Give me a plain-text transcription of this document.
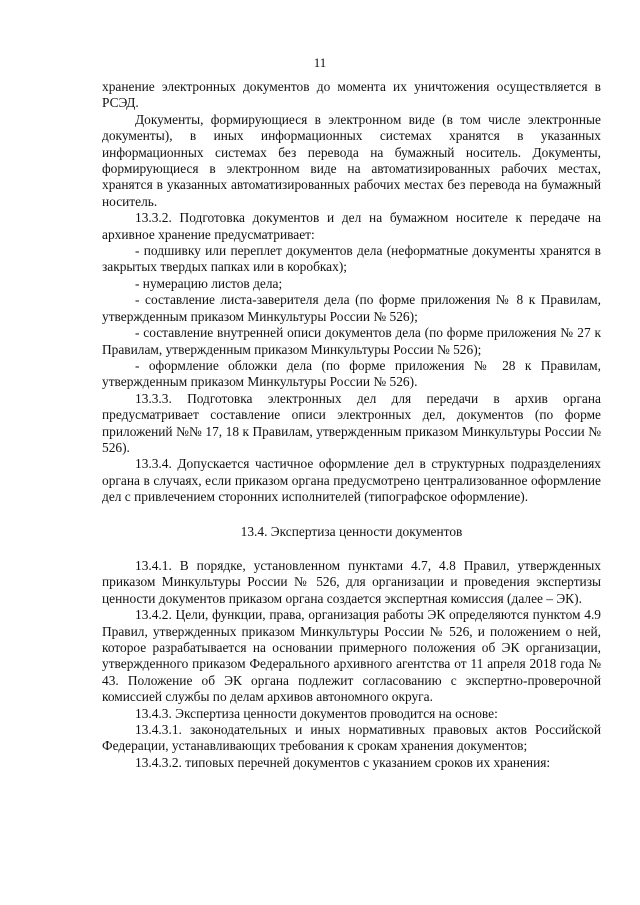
11

хранение электронных документов до момента их уничтожения осуществляется в РСЭД.

Документы, формирующиеся в электронном виде (в том числе электронные документы), в иных информационных системах хранятся в указанных информационных системах без перевода на бумажный носитель. Документы, формирующиеся в электронном виде на автоматизированных рабочих местах, хранятся в указанных автоматизированных рабочих местах без перевода на бумажный носитель.

13.3.2. Подготовка документов и дел на бумажном носителе к передаче на архивное хранение предусматривает:

- подшивку или переплет документов дела (неформатные документы хранятся в закрытых твердых папках или в коробках);

- нумерацию листов дела;

- составление листа-заверителя дела (по форме приложения № 8 к Правилам, утвержденным приказом Минкультуры России № 526);

- составление внутренней описи документов дела (по форме приложения № 27 к Правилам, утвержденным приказом Минкультуры России № 526);

- оформление обложки дела (по форме приложения № 28 к Правилам, утвержденным приказом Минкультуры России № 526).

13.3.3. Подготовка электронных дел для передачи в архив органа предусматривает составление описи электронных дел, документов (по форме приложений №№ 17, 18 к Правилам, утвержденным приказом Минкультуры России № 526).

13.3.4. Допускается частичное оформление дел в структурных подразделениях органа в случаях, если приказом органа предусмотрено централизованное оформление дел с привлечением сторонних исполнителей (типографское оформление).

13.4. Экспертиза ценности документов

13.4.1. В порядке, установленном пунктами 4.7, 4.8 Правил, утвержденных приказом Минкультуры России № 526, для организации и проведения экспертизы ценности документов приказом органа создается экспертная комиссия (далее – ЭК).

13.4.2. Цели, функции, права, организация работы ЭК определяются пунктом 4.9 Правил, утвержденных приказом Минкультуры России № 526, и положением о ней, которое разрабатывается на основании примерного положения об ЭК организации, утвержденного приказом Федерального архивного агентства от 11 апреля 2018 года № 43. Положение об ЭК органа подлежит согласованию с экспертно-проверочной комиссией службы по делам архивов автономного округа.

13.4.3. Экспертиза ценности документов проводится на основе:

13.4.3.1. законодательных и иных нормативных правовых актов Российской Федерации, устанавливающих требования к срокам хранения документов;

13.4.3.2. типовых перечней документов с указанием сроков их хранения:
